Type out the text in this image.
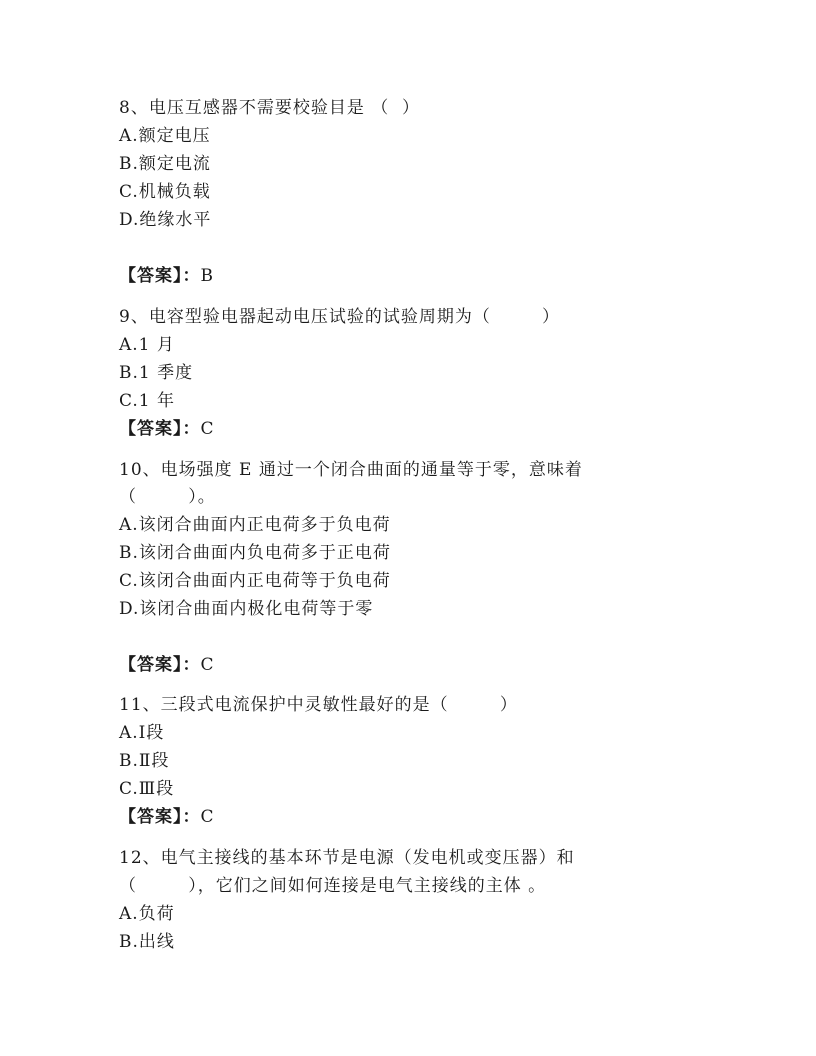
8、电压互感器不需要校验目是 （  ）
A.额定电压
B.额定电流
C.机械负载
D.绝缘水平
【答案】：B
9、电容型验电器起动电压试验的试验周期为（        ）
A.1 月
B.1 季度
C.1 年
【答案】：C
10、电场强度 E 通过一个闭合曲面的通量等于零，意味着
（        ）。
A.该闭合曲面内正电荷多于负电荷
B.该闭合曲面内负电荷多于正电荷
C.该闭合曲面内正电荷等于负电荷
D.该闭合曲面内极化电荷等于零
【答案】：C
11、三段式电流保护中灵敏性最好的是（        ）
A.Ⅰ段
B.Ⅱ段
C.Ⅲ段
【答案】：C
12、电气主接线的基本环节是电源（发电机或变压器）和
（        ），它们之间如何连接是电气主接线的主体 。
A.负荷
B.出线
